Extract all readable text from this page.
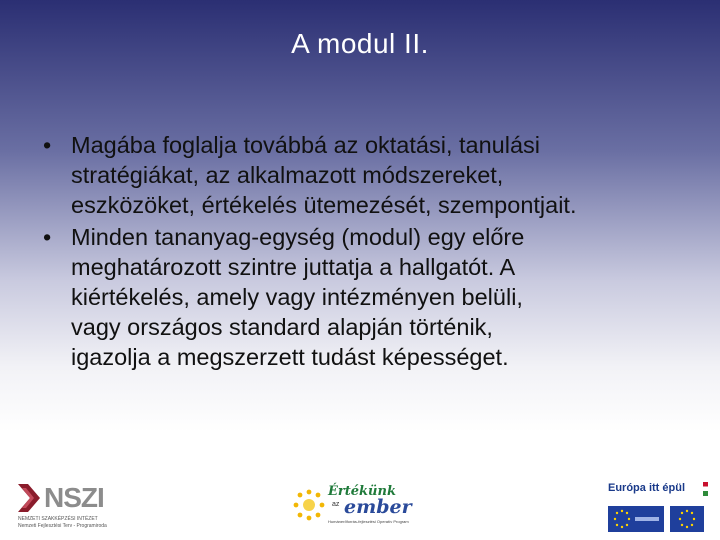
A modul II.
• Magába foglalja továbbá az oktatási, tanulási
stratégiákat, az alkalmazott módszereket,
eszközöket, értékelés ütemezését, szempontjait.
• Minden tananyag-egység (modul) egy előre
meghatározott szintre juttatja a hallgatót. A
kiértékelés, amely vagy intézményen belüli,
vagy országos standard alapján történik,
igazolja a megszerzett tudást képességet.
NSZI
NEMZETI SZAKKÉPZÉSI INTÉZET
Nemzeti Fejlesztési Terv - Programiroda
Értékünk
az ember
Humánerőforrás-fejlesztési Operatív Program
Európa itt épül
